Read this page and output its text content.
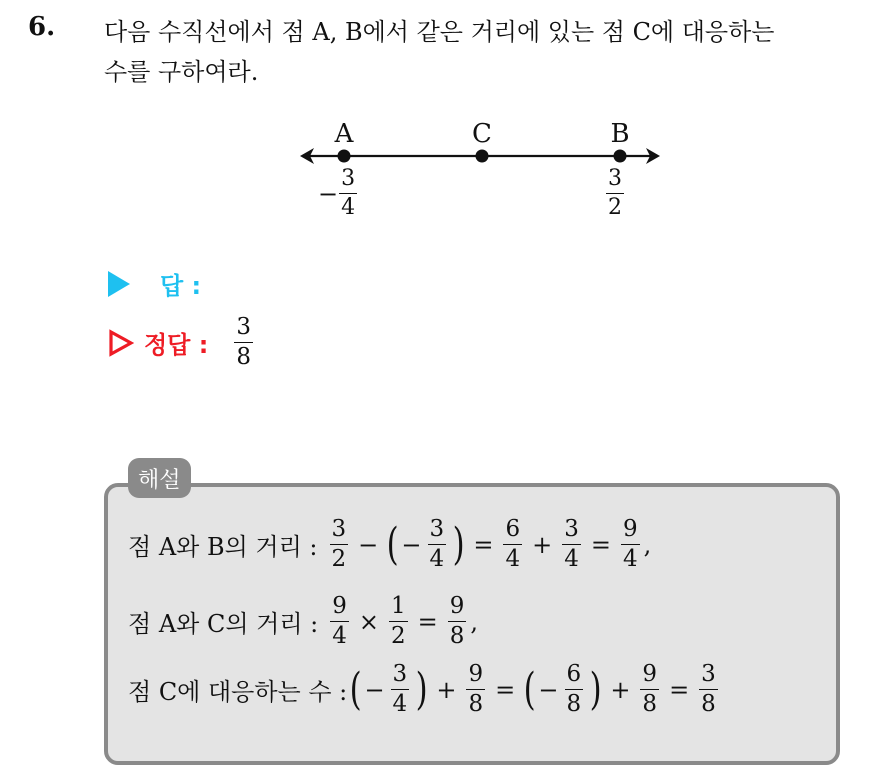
6. 다음 수직선에서 점 A, B에서 같은 거리에 있는 점 C에 대응하는
수를 구하여라.
A	C	B
− $\frac{3}{4}$	$\frac{3}{2}$
답 :
정답 : $\frac{3}{8}$
해설
점 A와 B의 거리 : $\frac{3}{2}$ − ( − $\frac{3}{4}$ ) = $\frac{6}{4} + \frac{3}{4} = \frac{9}{4}$ ,
점 A와 C의 거리 : $\frac{9}{4} \times \frac{1}{2} = \frac{9}{8}$ ,
점 C에 대응하는 수 : ( − $\frac{3}{4}$ ) + $\frac{9}{8}$ = ( − $\frac{6}{8}$ ) + $\frac{9}{8} = \frac{3}{8}$
